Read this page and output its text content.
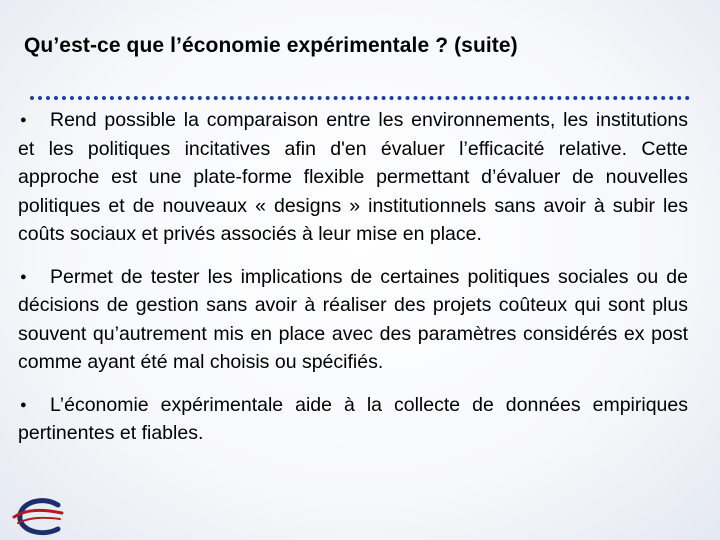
Qu’est-ce que l’économie expérimentale ? (suite)

● Rend possible la comparaison entre les environnements, les institutions et les politiques incitatives afin d'en évaluer l’efficacité relative. Cette approche est une plate-forme flexible permettant d’évaluer de nouvelles politiques et de nouveaux « designs » institutionnels sans avoir à subir les coûts sociaux et privés associés à leur mise en place.

● Permet de tester les implications de certaines politiques sociales ou de décisions de gestion sans avoir à réaliser des projets coûteux qui sont plus souvent qu’autrement mis en place avec des paramètres considérés ex post comme ayant été mal choisis ou spécifiés.

● L’économie expérimentale aide à la collecte de données empiriques pertinentes et fiables.
